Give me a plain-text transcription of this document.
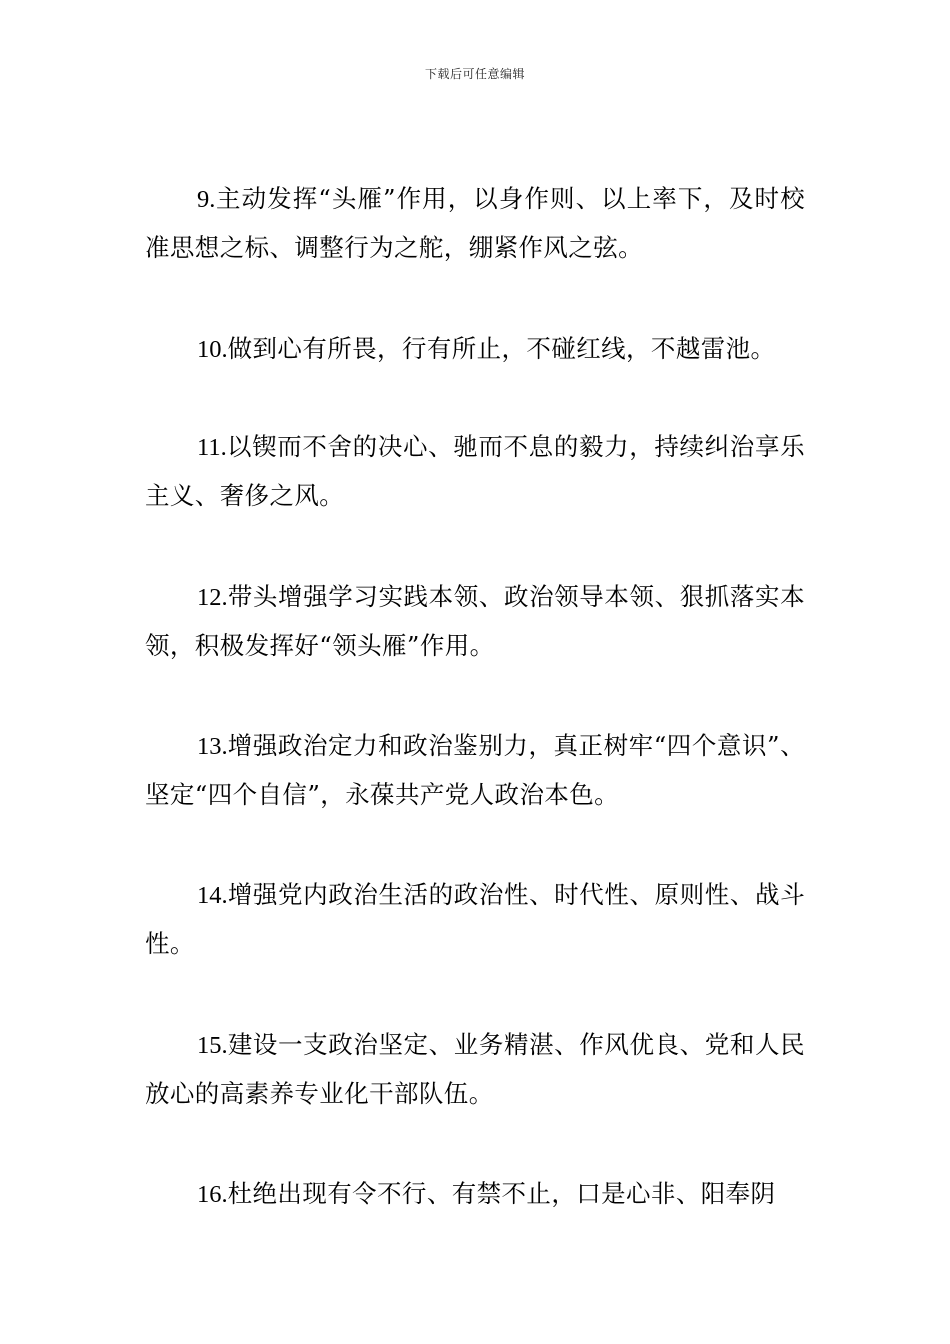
下载后可任意编辑

9.主动发挥“头雁”作用，以身作则、以上率下，及时校准思想之标、调整行为之舵，绷紧作风之弦。

10.做到心有所畏，行有所止，不碰红线，不越雷池。

11.以锲而不舍的决心、驰而不息的毅力，持续纠治享乐主义、奢侈之风。

12.带头增强学习实践本领、政治领导本领、狠抓落实本领，积极发挥好“领头雁”作用。

13.增强政治定力和政治鉴别力，真正树牢“四个意识”、坚定“四个自信”，永葆共产党人政治本色。

14.增强党内政治生活的政治性、时代性、原则性、战斗性。

15.建设一支政治坚定、业务精湛、作风优良、党和人民放心的高素养专业化干部队伍。

16.杜绝出现有令不行、有禁不止，口是心非、阳奉阴
